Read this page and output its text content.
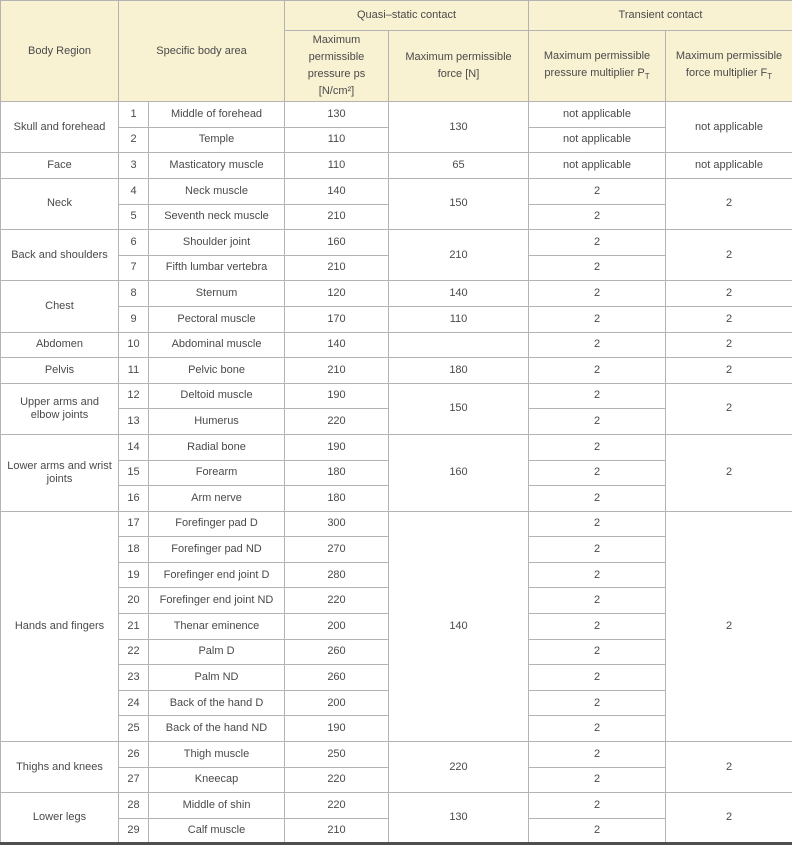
Body Region	Specific body area		Quasi–static contact		Transient contact	
			Maximum permissible pressure ps [N/cm²]	Maximum permissible force [N]	Maximum permissible pressure multiplier $P_T$	Maximum permissible force multiplier $F_T$
Skull and forehead	1	Middle of forehead	130	130	not applicable	not applicable
	2	Temple	110		not applicable	
Face	3	Masticatory muscle	110	65	not applicable	not applicable
Neck	4	Neck muscle	140	150	2	2
	5	Seventh neck muscle	210		2	
Back and shoulders	6	Shoulder joint	160	210	2	2
	7	Fifth lumbar vertebra	210		2	
Chest	8	Sternum	120	140	2	2
	9	Pectoral muscle	170	110	2	2
Abdomen	10	Abdominal muscle	140		2	2
Pelvis	11	Pelvic bone	210	180	2	2
Upper arms and elbow joints	12	Deltoid muscle	190	150	2	2
	13	Humerus	220		2	
Lower arms and wrist joints	14	Radial bone	190	160	2	2
	15	Forearm	180		2	
	16	Arm nerve	180		2	
Hands and fingers	17	Forefinger pad D	300	140	2	2
	18	Forefinger pad ND	270		2	
	19	Forefinger end joint D	280		2	
	20	Forefinger end joint ND	220		2	
	21	Thenar eminence	200		2	
	22	Palm D	260		2	
	23	Palm ND	260		2	
	24	Back of the hand D	200		2	
	25	Back of the hand ND	190		2	
Thighs and knees	26	Thigh muscle	250	220	2	2
	27	Kneecap	220		2	
Lower legs	28	Middle of shin	220	130	2	2
	29	Calf muscle	210		2	
